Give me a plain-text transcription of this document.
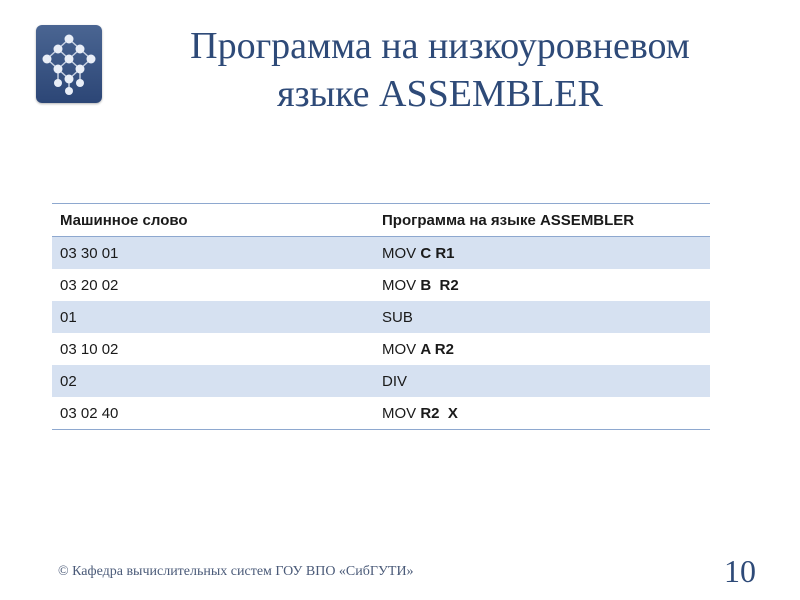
Программа на низкоуровневом
языке ASSEMBLER
Машинное слово	Программа на языке ASSEMBLER
03 30 01	MOV C R1
03 20 02	MOV B  R2
01	SUB
03 10 02	MOV A R2
02	DIV
03 02 40	MOV R2  X
© Кафедра вычислительных систем ГОУ ВПО «СибГУТИ»	10
